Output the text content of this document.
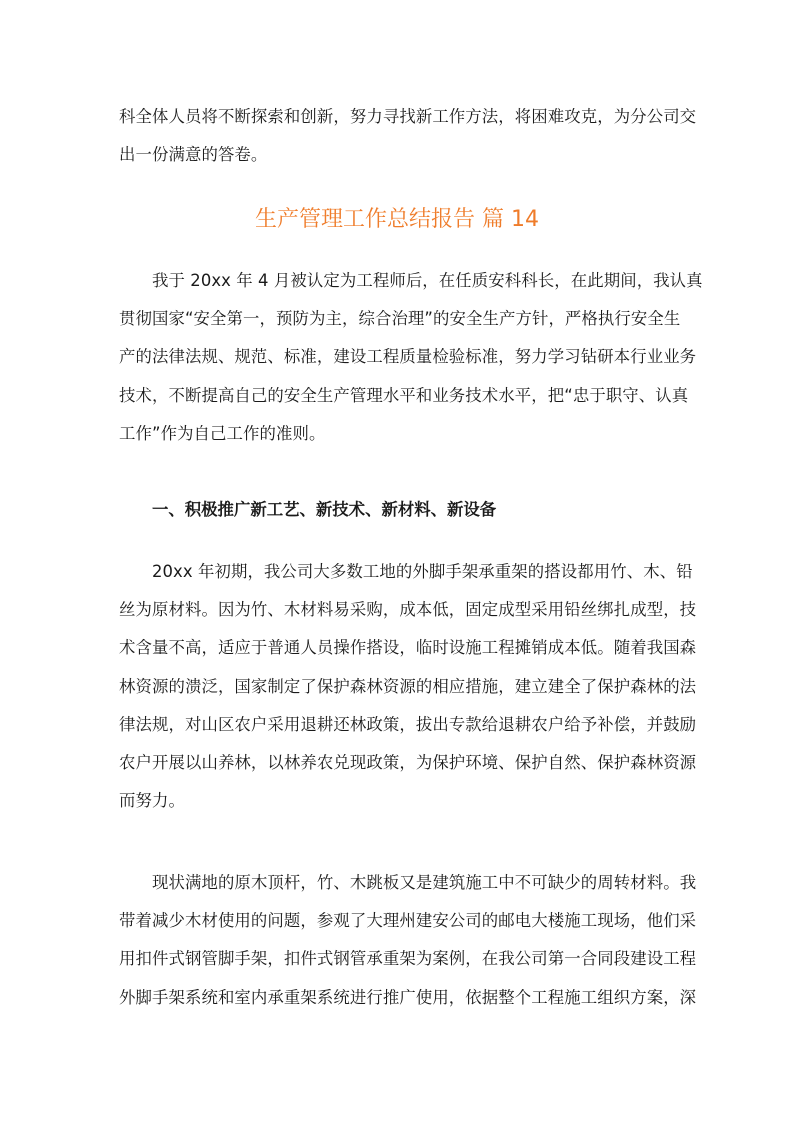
科全体人员将不断探索和创新，努力寻找新工作方法，将困难攻克，为分公司交
出一份满意的答卷。
生产管理工作总结报告 篇 14
我于 20xx 年 4 月被认定为工程师后，在任质安科科长，在此期间，我认真
贯彻国家“安全第一，预防为主，综合治理”的安全生产方针，严格执行安全生
产的法律法规、规范、标准，建设工程质量检验标准，努力学习钻研本行业业务
技术，不断提高自己的安全生产管理水平和业务技术水平，把“忠于职守、认真
工作”作为自己工作的准则。
一、积极推广新工艺、新技术、新材料、新设备
20xx 年初期，我公司大多数工地的外脚手架承重架的搭设都用竹、木、铅
丝为原材料。因为竹、木材料易采购，成本低，固定成型采用铅丝绑扎成型，技
术含量不高，适应于普通人员操作搭设，临时设施工程摊销成本低。随着我国森
林资源的溃泛，国家制定了保护森林资源的相应措施，建立建全了保护森林的法
律法规，对山区农户采用退耕还林政策，拔出专款给退耕农户给予补偿，并鼓励
农户开展以山养林，以林养农兑现政策，为保护环境、保护自然、保护森林资源
而努力。
现状满地的原木顶杆，竹、木跳板又是建筑施工中不可缺少的周转材料。我
带着减少木材使用的问题，参观了大理州建安公司的邮电大楼施工现场，他们采
用扣件式钢管脚手架，扣件式钢管承重架为案例，在我公司第一合同段建设工程
外脚手架系统和室内承重架系统进行推广使用，依据整个工程施工组织方案，深
